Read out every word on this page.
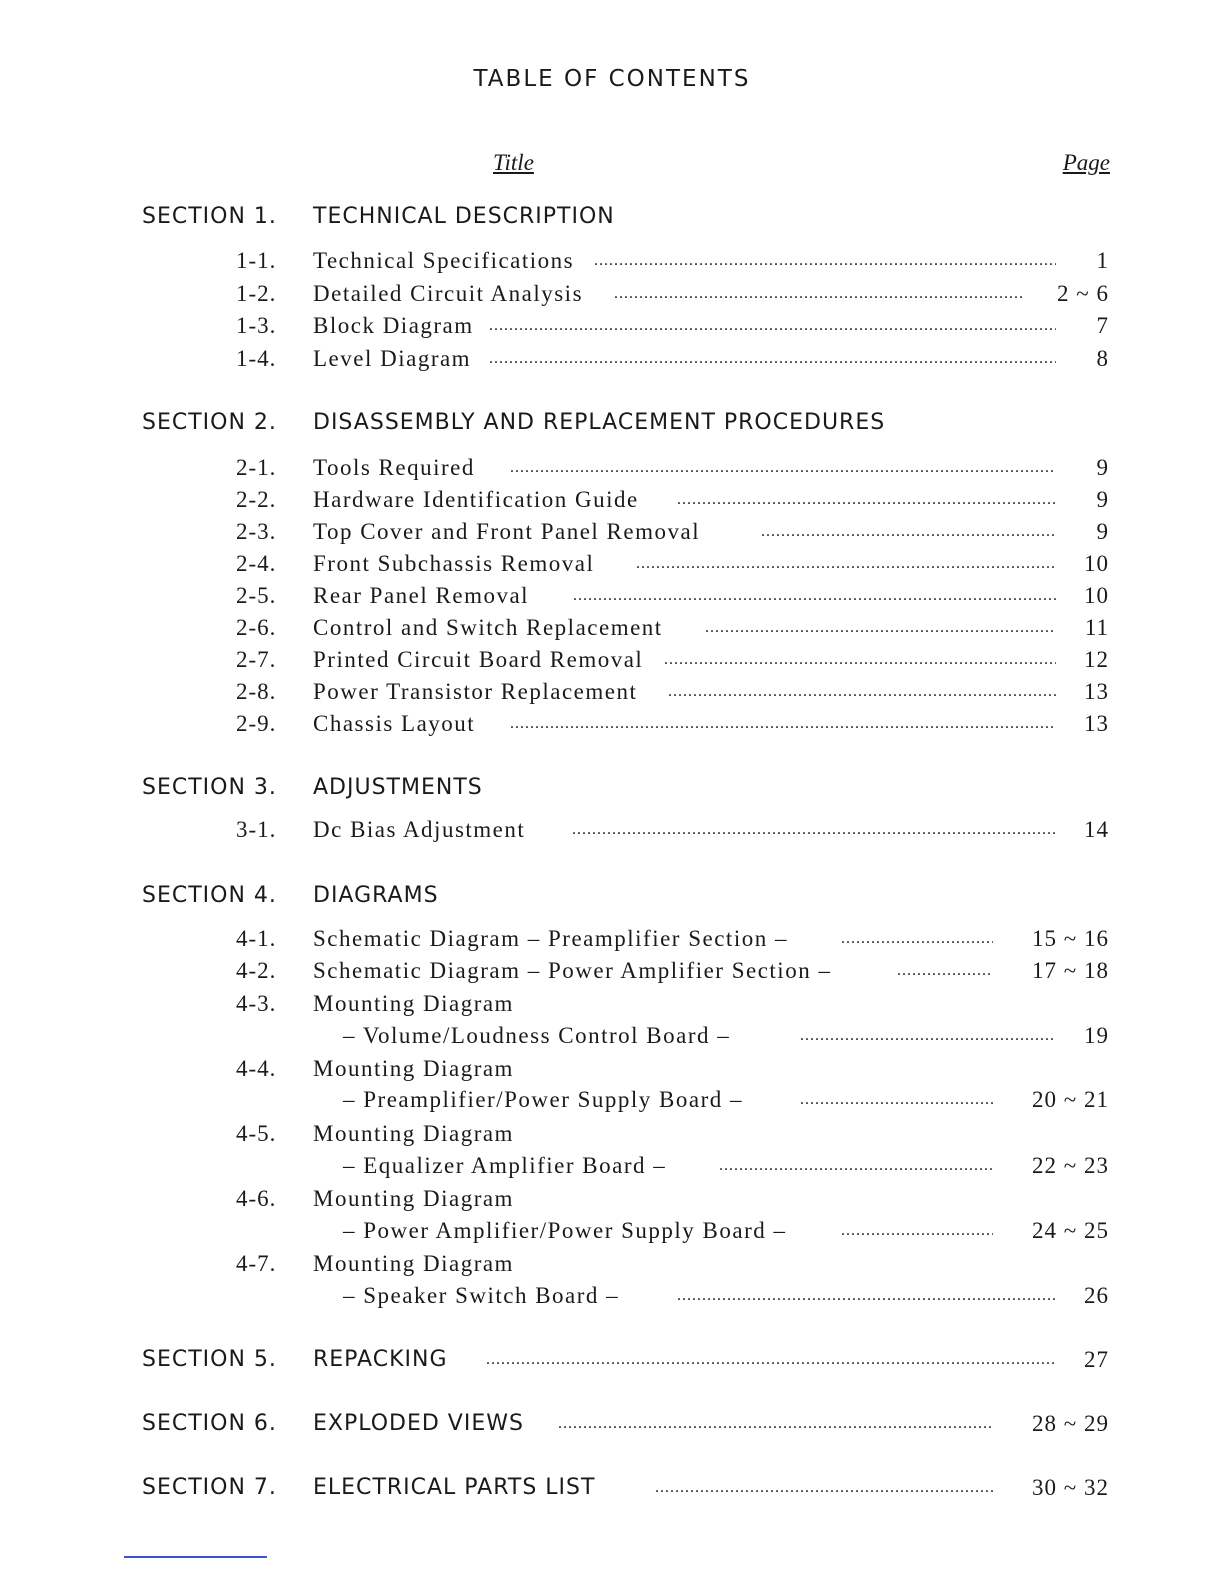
TABLE OF CONTENTS
Title	Page
SECTION 1. TECHNICAL DESCRIPTION
1-1. Technical Specifications .....	1
1-2. Detailed Circuit Analysis .....	2 ~ 6
1-3. Block Diagram .....	7
1-4. Level Diagram .....	8
SECTION 2. DISASSEMBLY AND REPLACEMENT PROCEDURES
2-1. Tools Required .....	9
2-2. Hardware Identification Guide .....	9
2-3. Top Cover and Front Panel Removal .....	9
2-4. Front Subchassis Removal .....	10
2-5. Rear Panel Removal .....	10
2-6. Control and Switch Replacement .....	11
2-7. Printed Circuit Board Removal .....	12
2-8. Power Transistor Replacement .....	13
2-9. Chassis Layout .....	13
SECTION 3. ADJUSTMENTS
3-1. Dc Bias Adjustment .....	14
SECTION 4. DIAGRAMS
4-1. Schematic Diagram – Preamplifier Section – .....	15 ~ 16
4-2. Schematic Diagram – Power Amplifier Section – .....	17 ~ 18
4-3. Mounting Diagram
– Volume/Loudness Control Board – .....	19
4-4. Mounting Diagram
– Preamplifier/Power Supply Board – .....	20 ~ 21
4-5. Mounting Diagram
– Equalizer Amplifier Board – .....	22 ~ 23
4-6. Mounting Diagram
– Power Amplifier/Power Supply Board – .....	24 ~ 25
4-7. Mounting Diagram
– Speaker Switch Board – .....	26
SECTION 5. REPACKING .....	27
SECTION 6. EXPLODED VIEWS .....	28 ~ 29
SECTION 7. ELECTRICAL PARTS LIST .....	30 ~ 32
